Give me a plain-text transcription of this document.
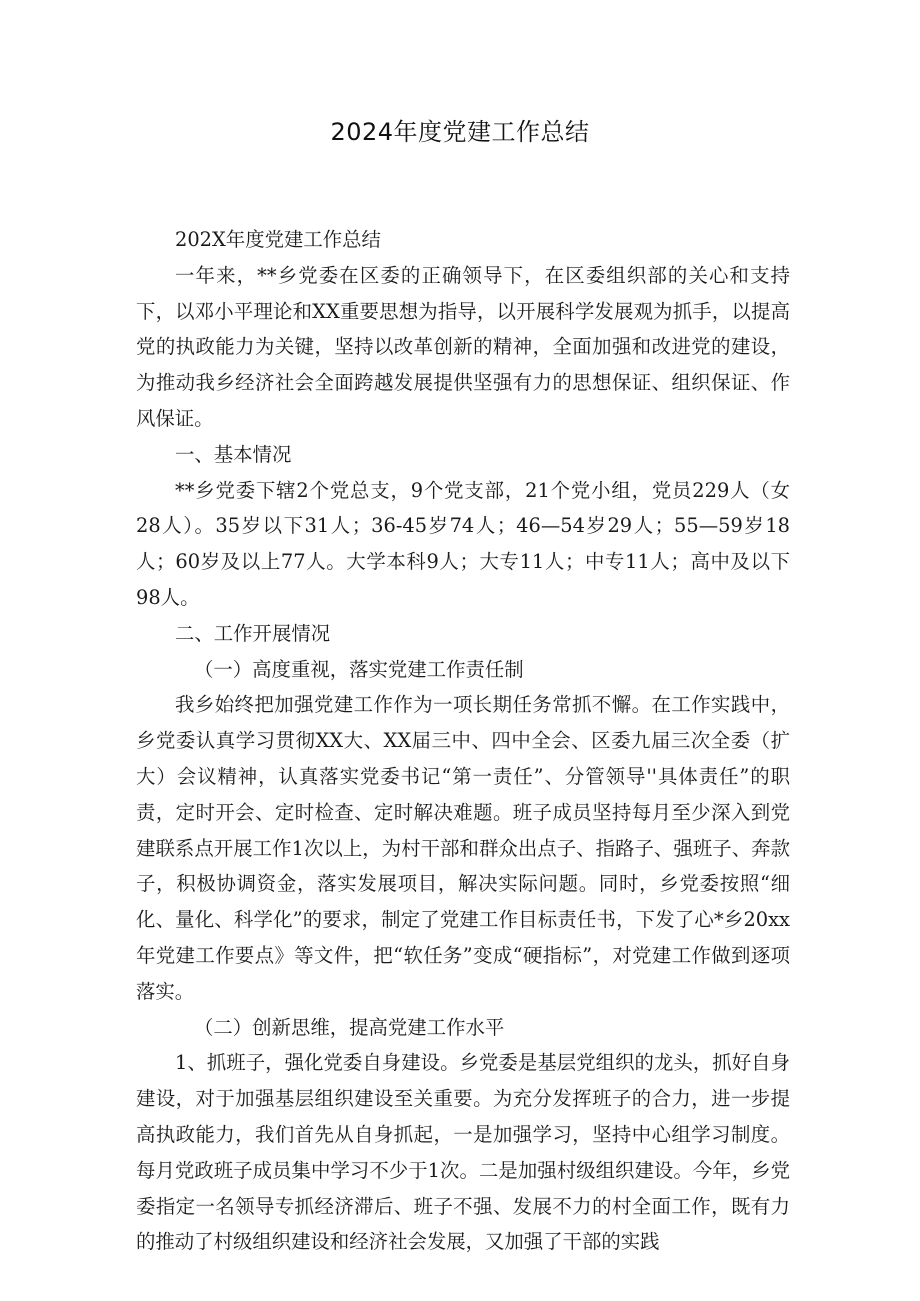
2024年度党建工作总结

202X年度党建工作总结

一年来，**乡党委在区委的正确领导下，在区委组织部的关心和支持下，以邓小平理论和XX重要思想为指导，以开展科学发展观为抓手，以提高党的执政能力为关键，坚持以改革创新的精神，全面加强和改进党的建设，为推动我乡经济社会全面跨越发展提供坚强有力的思想保证、组织保证、作风保证。

一、基本情况

**乡党委下辖2个党总支，9个党支部，21个党小组，党员229人（女28人）。35岁以下31人；36-45岁74人；46—54岁29人；55—59岁18人；60岁及以上77人。大学本科9人；大专11人；中专11人；高中及以下98人。

二、工作开展情况

（一）高度重视，落实党建工作责任制

我乡始终把加强党建工作作为一项长期任务常抓不懈。在工作实践中，乡党委认真学习贯彻XX大、XX届三中、四中全会、区委九届三次全委（扩大）会议精神，认真落实党委书记“第一责任”、分管领导''具体责任”的职责，定时开会、定时检查、定时解决难题。班子成员坚持每月至少深入到党建联系点开展工作1次以上，为村干部和群众出点子、指路子、强班子、奔款子，积极协调资金，落实发展项目，解决实际问题。同时，乡党委按照“细化、量化、科学化”的要求，制定了党建工作目标责任书，下发了心*乡20xx年党建工作要点》等文件，把“软任务”变成“硬指标”，对党建工作做到逐项落实。

（二）创新思维，提高党建工作水平

1、抓班子，强化党委自身建设。乡党委是基层党组织的龙头，抓好自身建设，对于加强基层组织建设至关重要。为充分发挥班子的合力，进一步提高执政能力，我们首先从自身抓起，一是加强学习，坚持中心组学习制度。每月党政班子成员集中学习不少于1次。二是加强村级组织建设。今年，乡党委指定一名领导专抓经济滞后、班子不强、发展不力的村全面工作，既有力的推动了村级组织建设和经济社会发展，又加强了干部的实践
